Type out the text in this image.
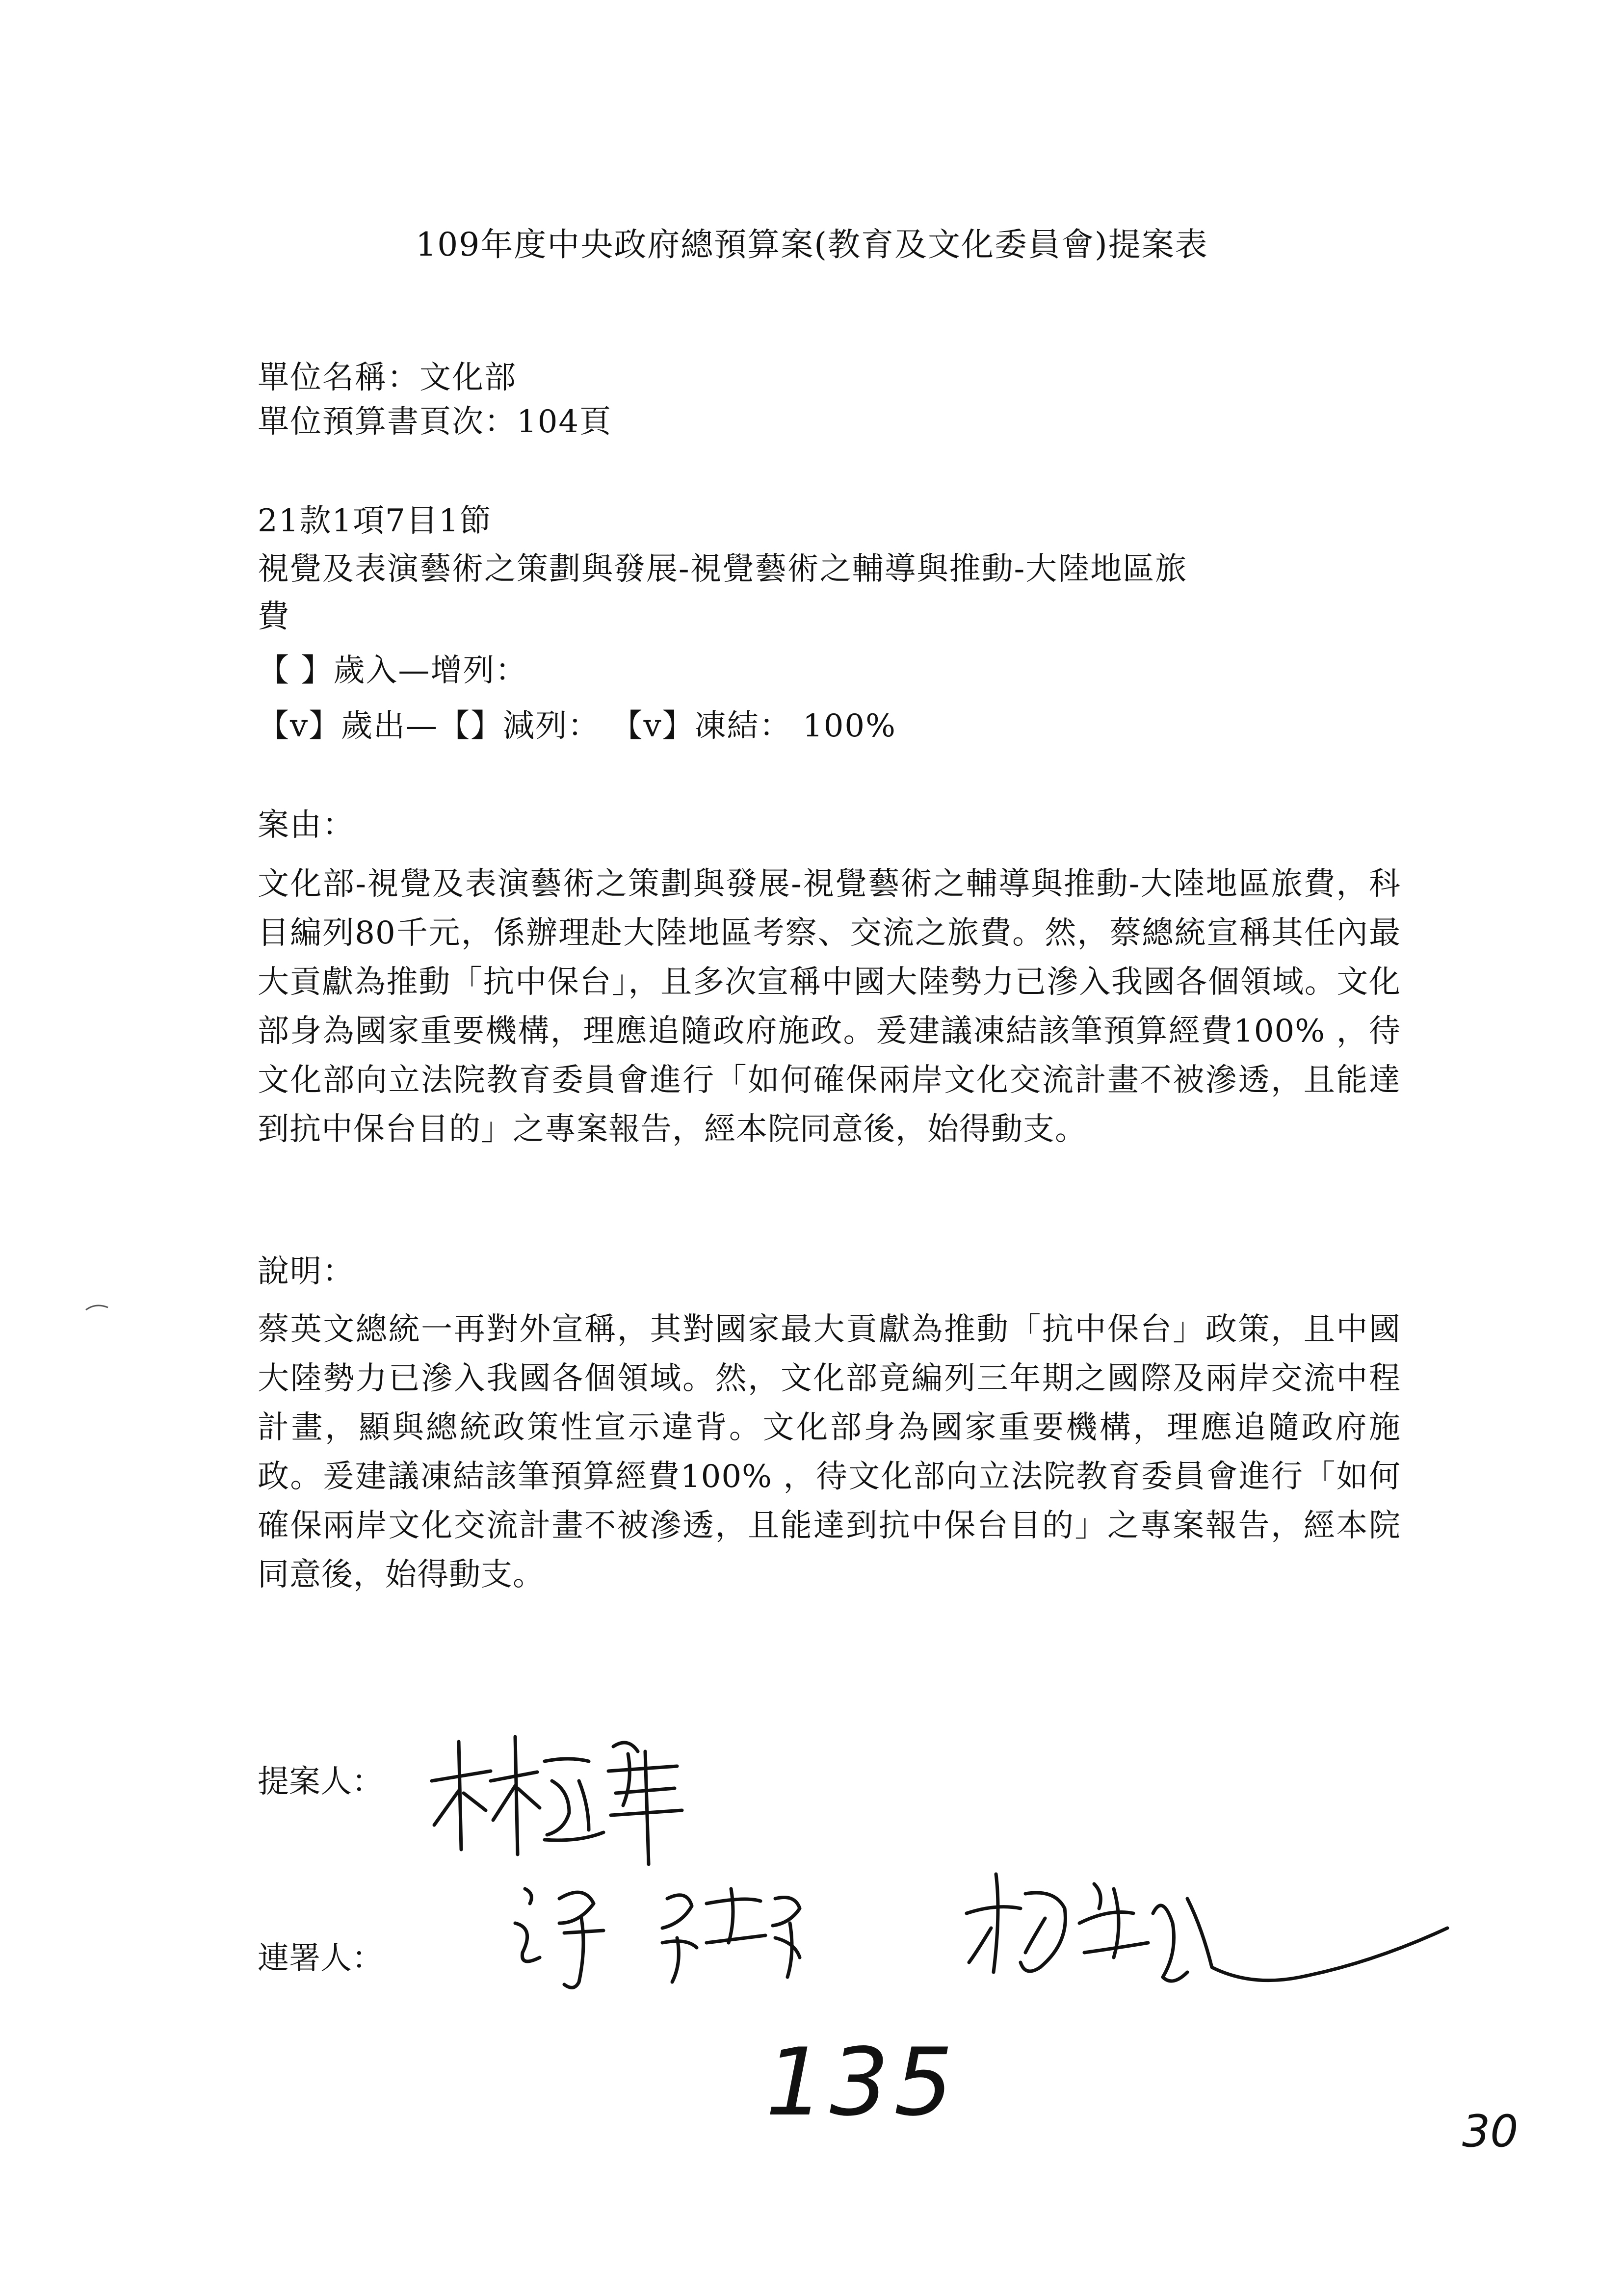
109年度中央政府總預算案(教育及文化委員會)提案表
單位名稱：文化部
單位預算書頁次：104頁
21款1項7目1節
視覺及表演藝術之策劃與發展-視覺藝術之輔導與推動-大陸地區旅
費
【 】歲入—增列：
【v】歲出—【】減列： 【v】凍結： 100%
案由：
文化部-視覺及表演藝術之策劃與發展-視覺藝術之輔導與推動-大陸地區旅費，科目編列80千元，係辦理赴大陸地區考察、交流之旅費。然，蔡總統宣稱其任內最大貢獻為推動「抗中保台」，且多次宣稱中國大陸勢力已滲入我國各個領域。文化部身為國家重要機構，理應追隨政府施政。爰建議凍結該筆預算經費100% ，待文化部向立法院教育委員會進行「如何確保兩岸文化交流計畫不被滲透，且能達到抗中保台目的」之專案報告，經本院同意後，始得動支。
說明：
蔡英文總統一再對外宣稱，其對國家最大貢獻為推動「抗中保台」政策，且中國大陸勢力已滲入我國各個領域。然，文化部竟編列三年期之國際及兩岸交流中程計畫，顯與總統政策性宣示違背。文化部身為國家重要機構，理應追隨政府施政。爰建議凍結該筆預算經費100% ，待文化部向立法院教育委員會進行「如何確保兩岸文化交流計畫不被滲透，且能達到抗中保台目的」之專案報告，經本院同意後，始得動支。
提案人：
連署人：
135	30
